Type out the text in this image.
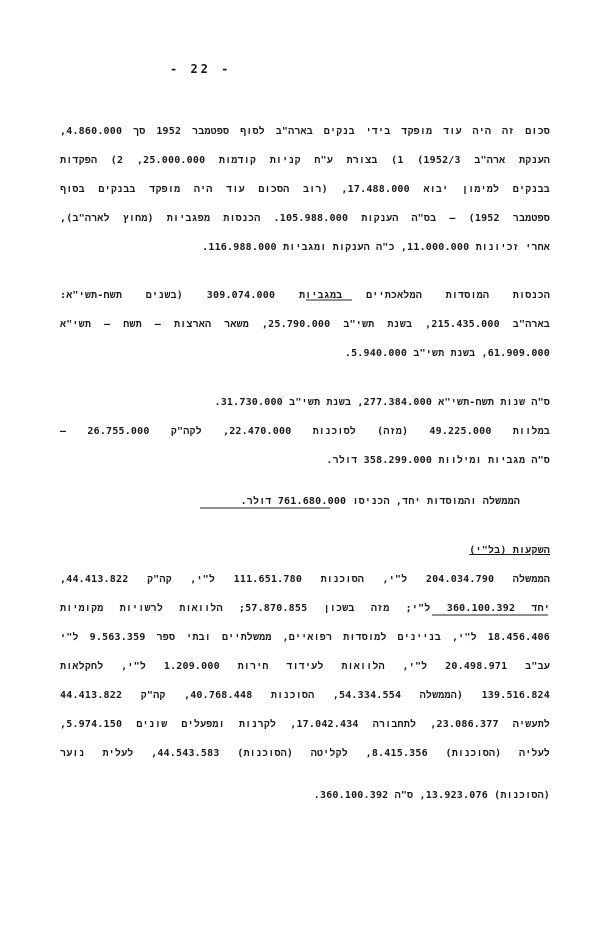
- 22 -
סכום זה היה עוד מופקד בידי בנקים בארה"ב לסוף ספטמבר 1952 סך 4.860.000,
הענקת ארה"ב 1952/3) 1) בצורת ע"ח קניות קודמות 25.000.000, 2) הפקדות
בבנקים למימון יבוא 17.488.000, (רוב הסכום עוד היה מופקד בבנקים בסוף
ספטמבר 1952) – בס"ה הענקות 105.988.000. הכנסות מפגביות (מחוץ לארה"ב),
אחרי זכיונות 11.000.000, כ"ה הענקות ומגביות 116.988.000.
הכנסות המוסדות המלאכתיים במגביות 309.074.000 (בשנים תשח-תשי"א:
בארה"ב 215.435.000, בשנת תשי"ב 25.790.000, משאר הארצות – תשח – תשי"א
61.909.000, בשנת תשי"ב 5.940.000.
ס"ה שנות תשח-תשי"א 277.384.000, בשנת תשי"ב 31.730.000.
במלוות 49.225.000 (מזה) לסוכנות 22.470.000, לקה"ק 26.755.000 –
ס"ה מגביות ומילוות 358.299.000 דולר.
הממשלה והמוסדות יחד, הכניסו 761.680.000 דולר.
השקעות (בל"י)
הממשלה 204.034.790 ל"י, הסוכנות 111.651.780 ל"י, קה"ק 44.413.822,
יחד 360.100.392 ל"י; מזה בשכון 57.870.855; הלוואות לרשויות מקומיות
18.456.406 ל"י, בניינים למוסדות רפואיים, ממשלתיים ובתי ספר 9.563.359 ל"י
עב"ב 20.498.971 ל"י, הלוואות לעידוד חירות 1.209.000 ל"י, לחקלאות
139.516.824 (הממשלה 54.334.554, הסוכנות 40.768.448, קה"ק 44.413.822
לתעשיה 23.086.377, לתחבורה 17.042.434, לקרנות ומפעלים שונים 5.974.150,
לעליה (הסוכנות) 8.415.356, לקליטה (הסוכנות) 44.543.583, לעלית נוער
(הסוכנות) 13.923.076, ס"ה 360.100.392.
